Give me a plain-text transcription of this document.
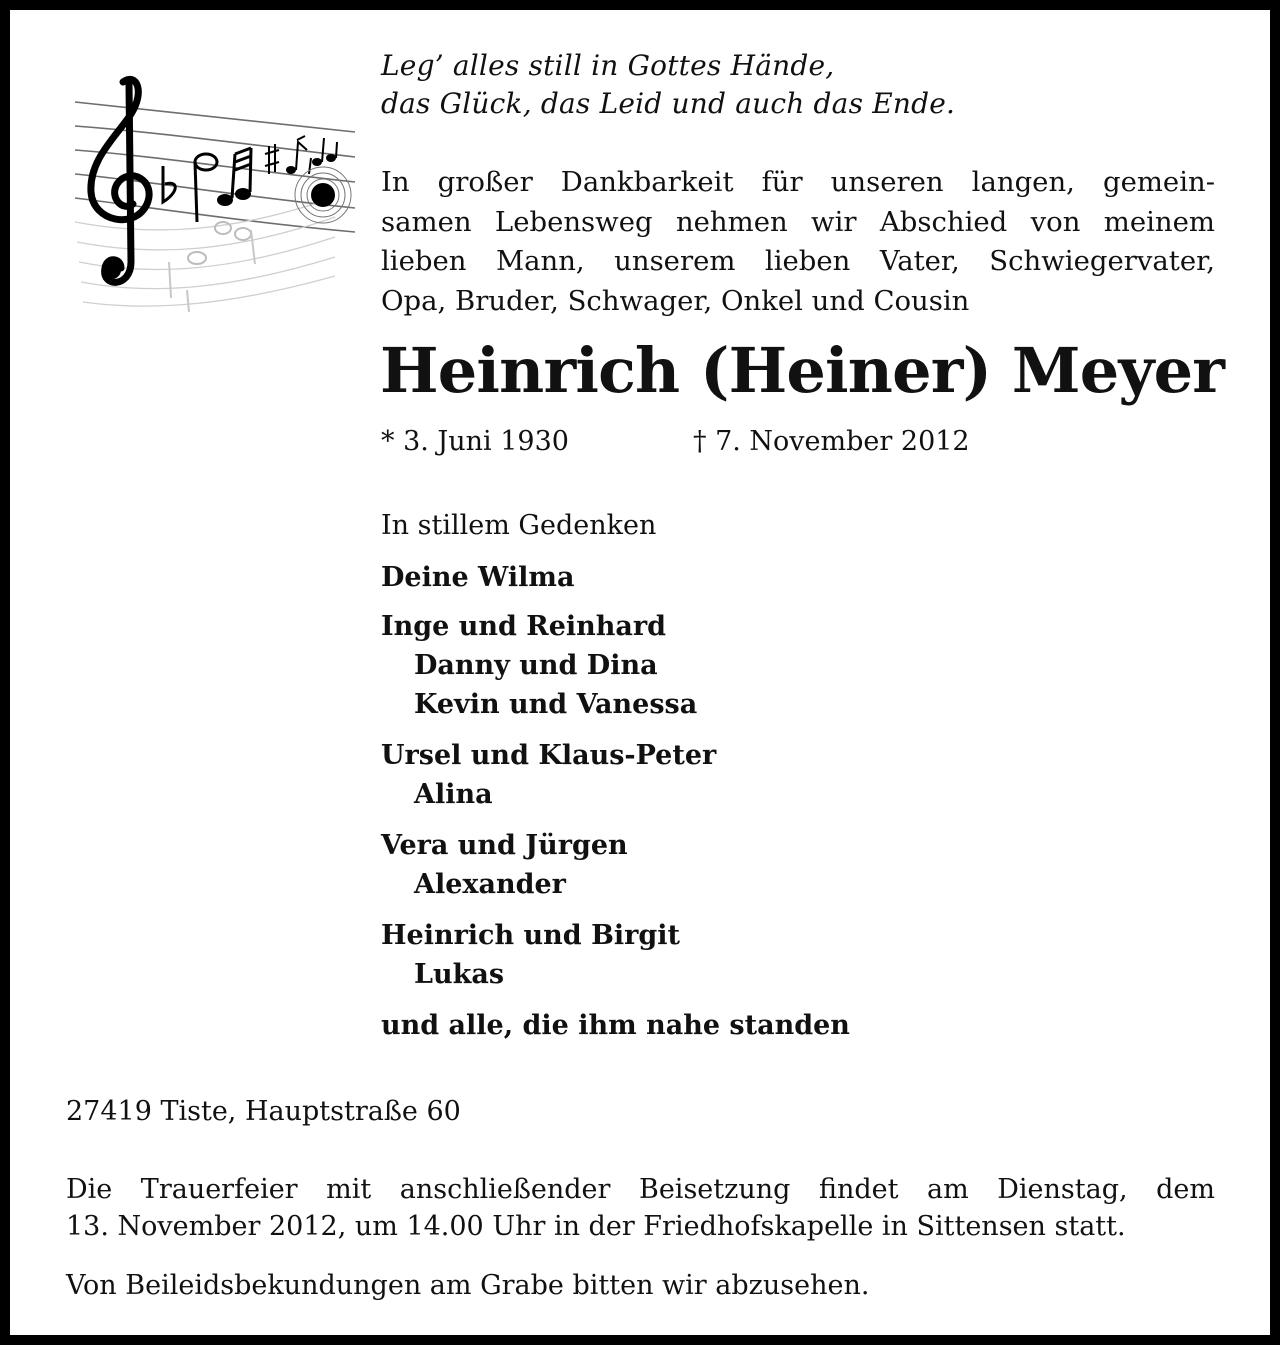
Leg’ alles still in Gottes Hände,
das Glück, das Leid und auch das Ende.
In großer Dankbarkeit für unseren langen, gemein-
samen Lebensweg nehmen wir Abschied von meinem
lieben Mann, unserem lieben Vater, Schwiegervater,
Opa, Bruder, Schwager, Onkel und Cousin
Heinrich (Heiner) Meyer
* 3. Juni 1930	† 7. November 2012
In stillem Gedenken
Deine Wilma
Inge und Reinhard
Danny und Dina
Kevin und Vanessa
Ursel und Klaus-Peter
Alina
Vera und Jürgen
Alexander
Heinrich und Birgit
Lukas
und alle, die ihm nahe standen
27419 Tiste, Hauptstraße 60
Die Trauerfeier mit anschließender Beisetzung findet am Dienstag, dem
13. November 2012, um 14.00 Uhr in der Friedhofskapelle in Sittensen statt.
Von Beileidsbekundungen am Grabe bitten wir abzusehen.
